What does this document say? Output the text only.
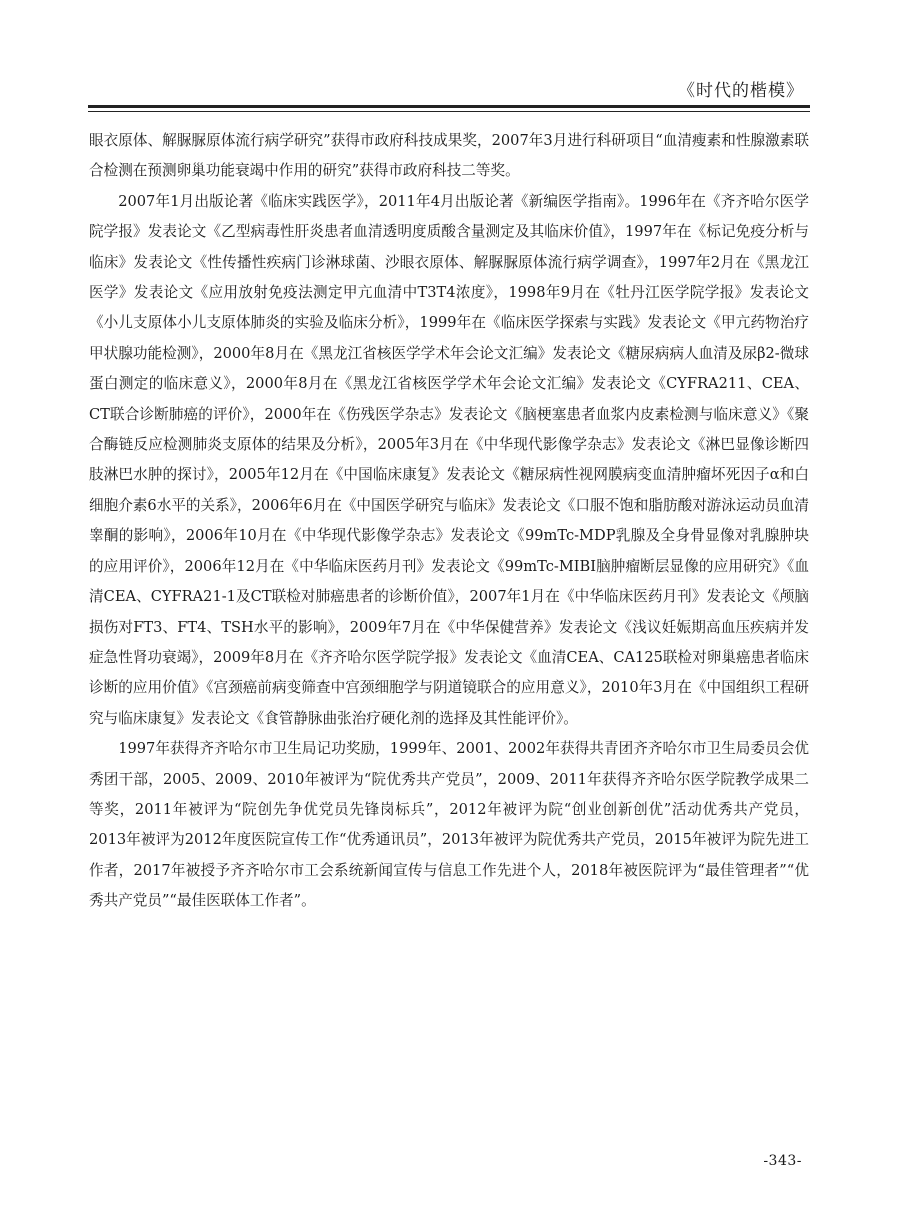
《时代的楷模》

眼衣原体、解脲脲原体流行病学研究”获得市政府科技成果奖，2007年3月进行科研项目“血清瘦素和性腺激素联合检测在预测卵巢功能衰竭中作用的研究”获得市政府科技二等奖。

2007年1月出版论著《临床实践医学》，2011年4月出版论著《新编医学指南》。1996年在《齐齐哈尔医学院学报》发表论文《乙型病毒性肝炎患者血清透明度质酸含量测定及其临床价值》，1997年在《标记免疫分析与临床》发表论文《性传播性疾病门诊淋球菌、沙眼衣原体、解脲脲原体流行病学调查》，1997年2月在《黑龙江医学》发表论文《应用放射免疫法测定甲亢血清中T3T4浓度》，1998年9月在《牡丹江医学院学报》发表论文《小儿支原体小儿支原体肺炎的实验及临床分析》，1999年在《临床医学探索与实践》发表论文《甲亢药物治疗甲状腺功能检测》，2000年8月在《黑龙江省核医学学术年会论文汇编》发表论文《糖尿病病人血清及尿β2-微球蛋白测定的临床意义》，2000年8月在《黑龙江省核医学学术年会论文汇编》发表论文《CYFRA211、CEA、CT联合诊断肺癌的评价》，2000年在《伤残医学杂志》发表论文《脑梗塞患者血浆内皮素检测与临床意义》《聚合酶链反应检测肺炎支原体的结果及分析》，2005年3月在《中华现代影像学杂志》发表论文《淋巴显像诊断四肢淋巴水肿的探讨》，2005年12月在《中国临床康复》发表论文《糖尿病性视网膜病变血清肿瘤坏死因子α和白细胞介素6水平的关系》，2006年6月在《中国医学研究与临床》发表论文《口服不饱和脂肪酸对游泳运动员血清睾酮的影响》，2006年10月在《中华现代影像学杂志》发表论文《99mTc-MDP乳腺及全身骨显像对乳腺肿块的应用评价》，2006年12月在《中华临床医药月刊》发表论文《99mTc-MIBI脑肿瘤断层显像的应用研究》《血清CEA、CYFRA21-1及CT联检对肺癌患者的诊断价值》，2007年1月在《中华临床医药月刊》发表论文《颅脑损伤对FT3、FT4、TSH水平的影响》，2009年7月在《中华保健营养》发表论文《浅议妊娠期高血压疾病并发症急性肾功衰竭》，2009年8月在《齐齐哈尔医学院学报》发表论文《血清CEA、CA125联检对卵巢癌患者临床诊断的应用价值》《宫颈癌前病变筛查中宫颈细胞学与阴道镜联合的应用意义》，2010年3月在《中国组织工程研究与临床康复》发表论文《食管静脉曲张治疗硬化剂的选择及其性能评价》。

1997年获得齐齐哈尔市卫生局记功奖励，1999年、2001、2002年获得共青团齐齐哈尔市卫生局委员会优秀团干部，2005、2009、2010年被评为“院优秀共产党员”，2009、2011年获得齐齐哈尔医学院教学成果二等奖，2011年被评为“院创先争优党员先锋岗标兵”，2012年被评为院“创业创新创优”活动优秀共产党员，2013年被评为2012年度医院宣传工作“优秀通讯员”，2013年被评为院优秀共产党员，2015年被评为院先进工作者，2017年被授予齐齐哈尔市工会系统新闻宣传与信息工作先进个人，2018年被医院评为“最佳管理者”“优秀共产党员”“最佳医联体工作者”。

-343-
